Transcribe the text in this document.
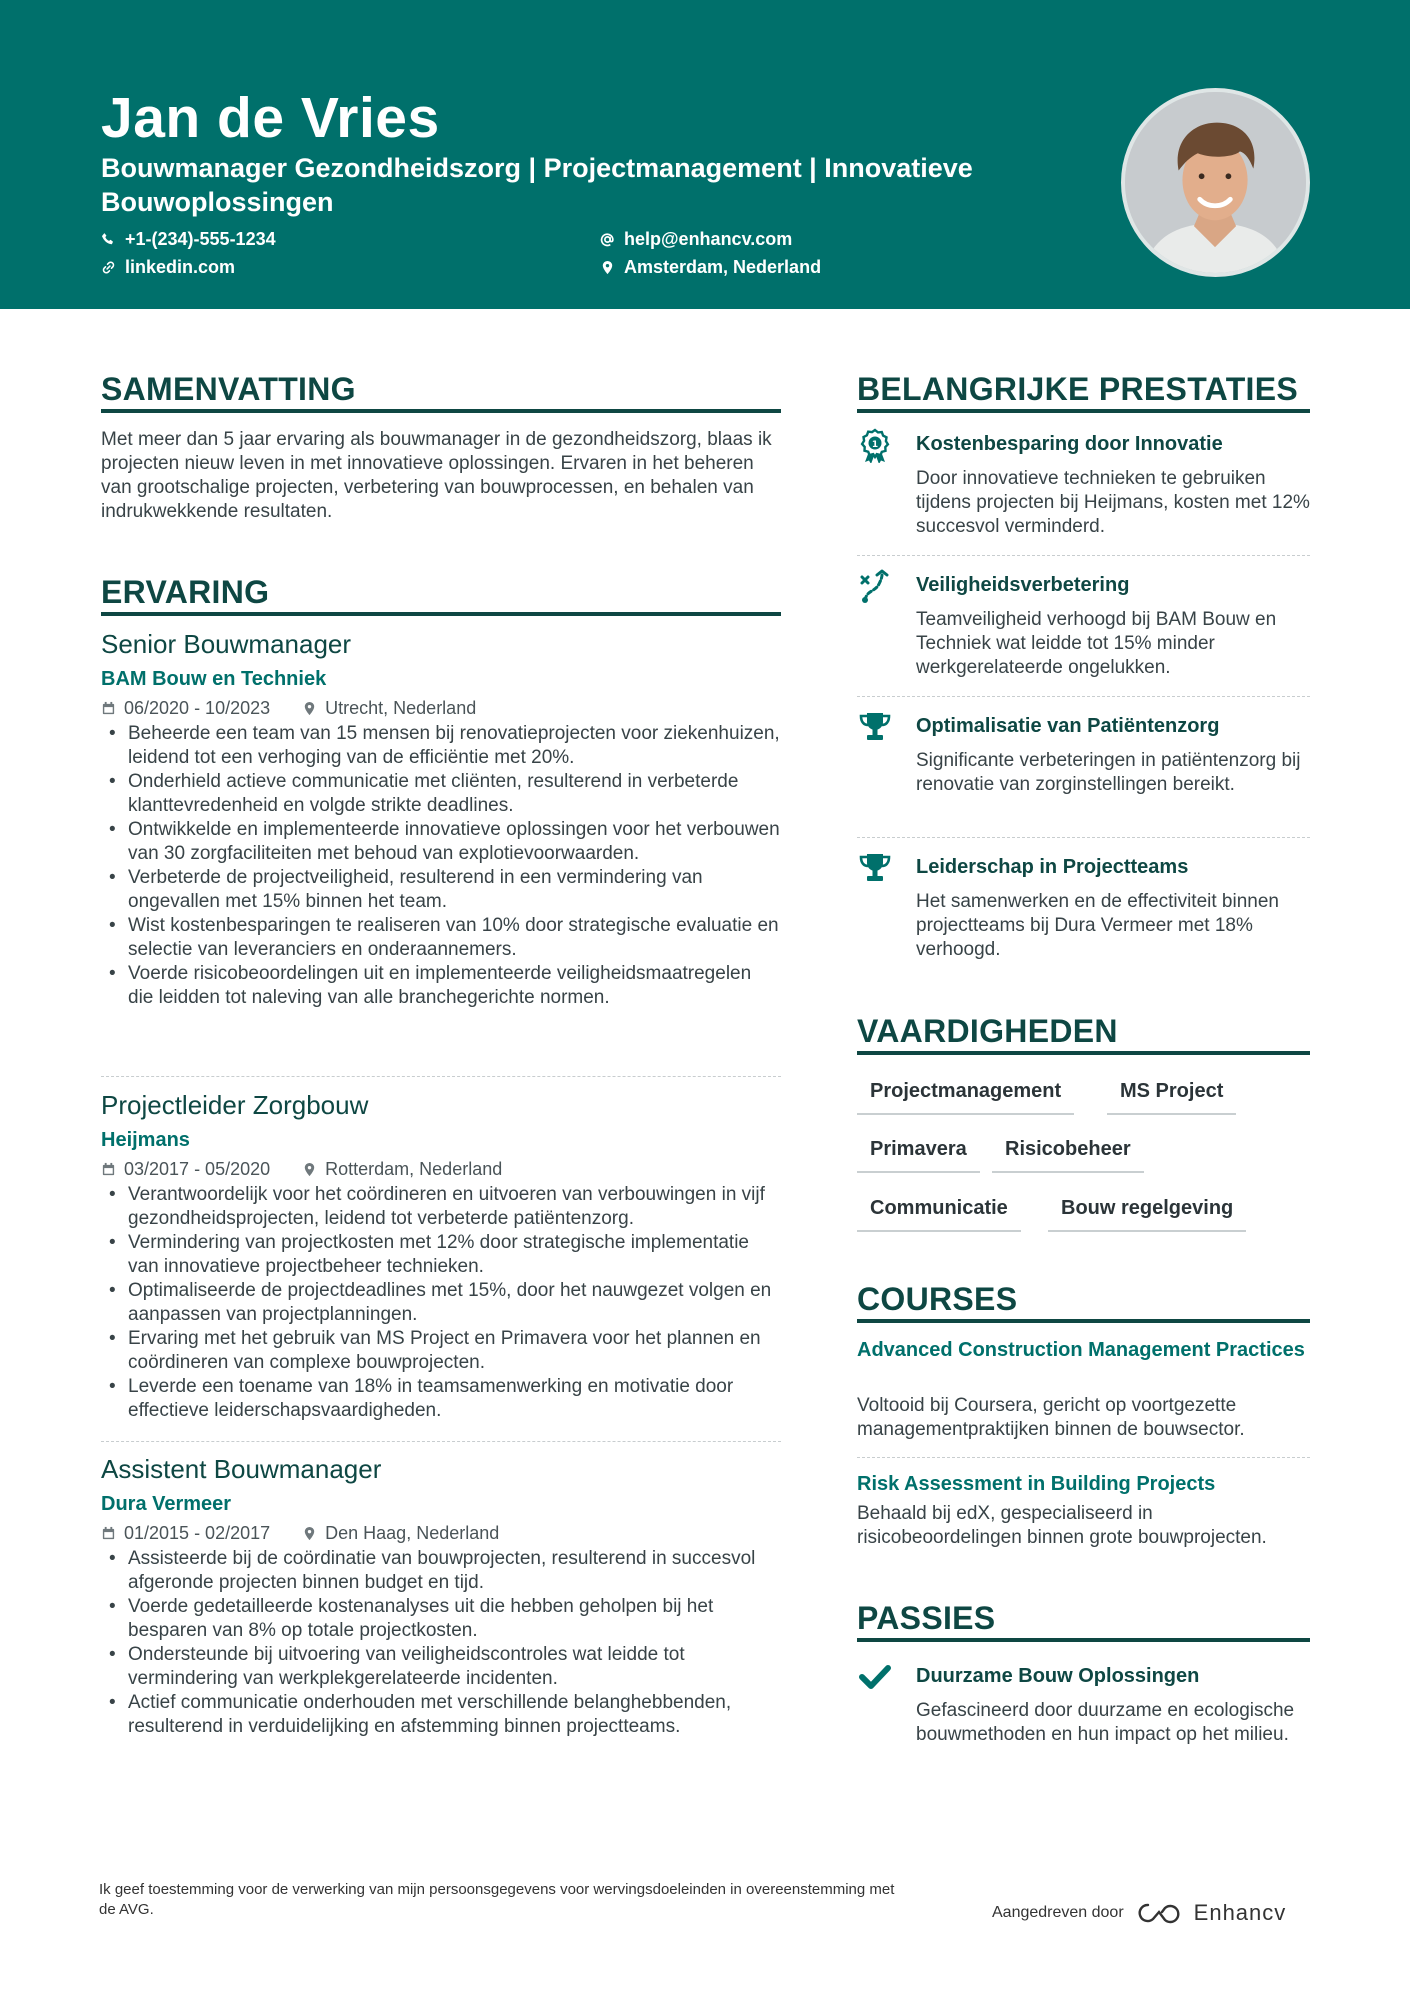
Jan de Vries
Bouwmanager Gezondheidszorg | Projectmanagement | Innovatieve Bouwoplossingen
+1-(234)-555-1234	help@enhancv.com
linkedin.com	Amsterdam, Nederland
SAMENVATTING
Met meer dan 5 jaar ervaring als bouwmanager in de gezondheidszorg, blaas ik projecten nieuw leven in met innovatieve oplossingen. Ervaren in het beheren van grootschalige projecten, verbetering van bouwprocessen, en behalen van indrukwekkende resultaten.
ERVARING
Senior Bouwmanager
BAM Bouw en Techniek
06/2020 - 10/2023	Utrecht, Nederland
• Beheerde een team van 15 mensen bij renovatieprojecten voor ziekenhuizen, leidend tot een verhoging van de efficiëntie met 20%.
• Onderhield actieve communicatie met cliënten, resulterend in verbeterde klanttevredenheid en volgde strikte deadlines.
• Ontwikkelde en implementeerde innovatieve oplossingen voor het verbouwen van 30 zorgfaciliteiten met behoud van explotievoorwaarden.
• Verbeterde de projectveiligheid, resulterend in een vermindering van ongevallen met 15% binnen het team.
• Wist kostenbesparingen te realiseren van 10% door strategische evaluatie en selectie van leveranciers en onderaannemers.
• Voerde risicobeoordelingen uit en implementeerde veiligheidsmaatregelen die leidden tot naleving van alle branchegerichte normen.
Projectleider Zorgbouw
Heijmans
03/2017 - 05/2020	Rotterdam, Nederland
• Verantwoordelijk voor het coördineren en uitvoeren van verbouwingen in vijf gezondheidsprojecten, leidend tot verbeterde patiëntenzorg.
• Vermindering van projectkosten met 12% door strategische implementatie van innovatieve projectbeheer technieken.
• Optimaliseerde de projectdeadlines met 15%, door het nauwgezet volgen en aanpassen van projectplanningen.
• Ervaring met het gebruik van MS Project en Primavera voor het plannen en coördineren van complexe bouwprojecten.
• Leverde een toename van 18% in teamsamenwerking en motivatie door effectieve leiderschapsvaardigheden.
Assistent Bouwmanager
Dura Vermeer
01/2015 - 02/2017	Den Haag, Nederland
• Assisteerde bij de coördinatie van bouwprojecten, resulterend in succesvol afgeronde projecten binnen budget en tijd.
• Voerde gedetailleerde kostenanalyses uit die hebben geholpen bij het besparen van 8% op totale projectkosten.
• Ondersteunde bij uitvoering van veiligheidscontroles wat leidde tot vermindering van werkplekgerelateerde incidenten.
• Actief communicatie onderhouden met verschillende belanghebbenden, resulterend in verduidelijking en afstemming binnen projectteams.
BELANGRIJKE PRESTATIES
1 Kostenbesparing door Innovatie
Door innovatieve technieken te gebruiken tijdens projecten bij Heijmans, kosten met 12% succesvol verminderd.
Veiligheidsverbetering
Teamveiligheid verhoogd bij BAM Bouw en Techniek wat leidde tot 15% minder werkgerelateerde ongelukken.
Optimalisatie van Patiëntenzorg
Significante verbeteringen in patiëntenzorg bij renovatie van zorginstellingen bereikt.
Leiderschap in Projectteams
Het samenwerken en de effectiviteit binnen projectteams bij Dura Vermeer met 18% verhoogd.
VAARDIGHEDEN
Projectmanagement	MS Project
Primavera	Risicobeheer
Communicatie	Bouw regelgeving
COURSES
Advanced Construction Management Practices
Voltooid bij Coursera, gericht op voortgezette managementpraktijken binnen de bouwsector.
Risk Assessment in Building Projects
Behaald bij edX, gespecialiseerd in risicobeoordelingen binnen grote bouwprojecten.
PASSIES
Duurzame Bouw Oplossingen
Gefascineerd door duurzame en ecologische bouwmethoden en hun impact op het milieu.
Ik geef toestemming voor de verwerking van mijn persoonsgegevens voor wervingsdoeleinden in overeenstemming met de AVG.	Aangedreven door	Enhancv
